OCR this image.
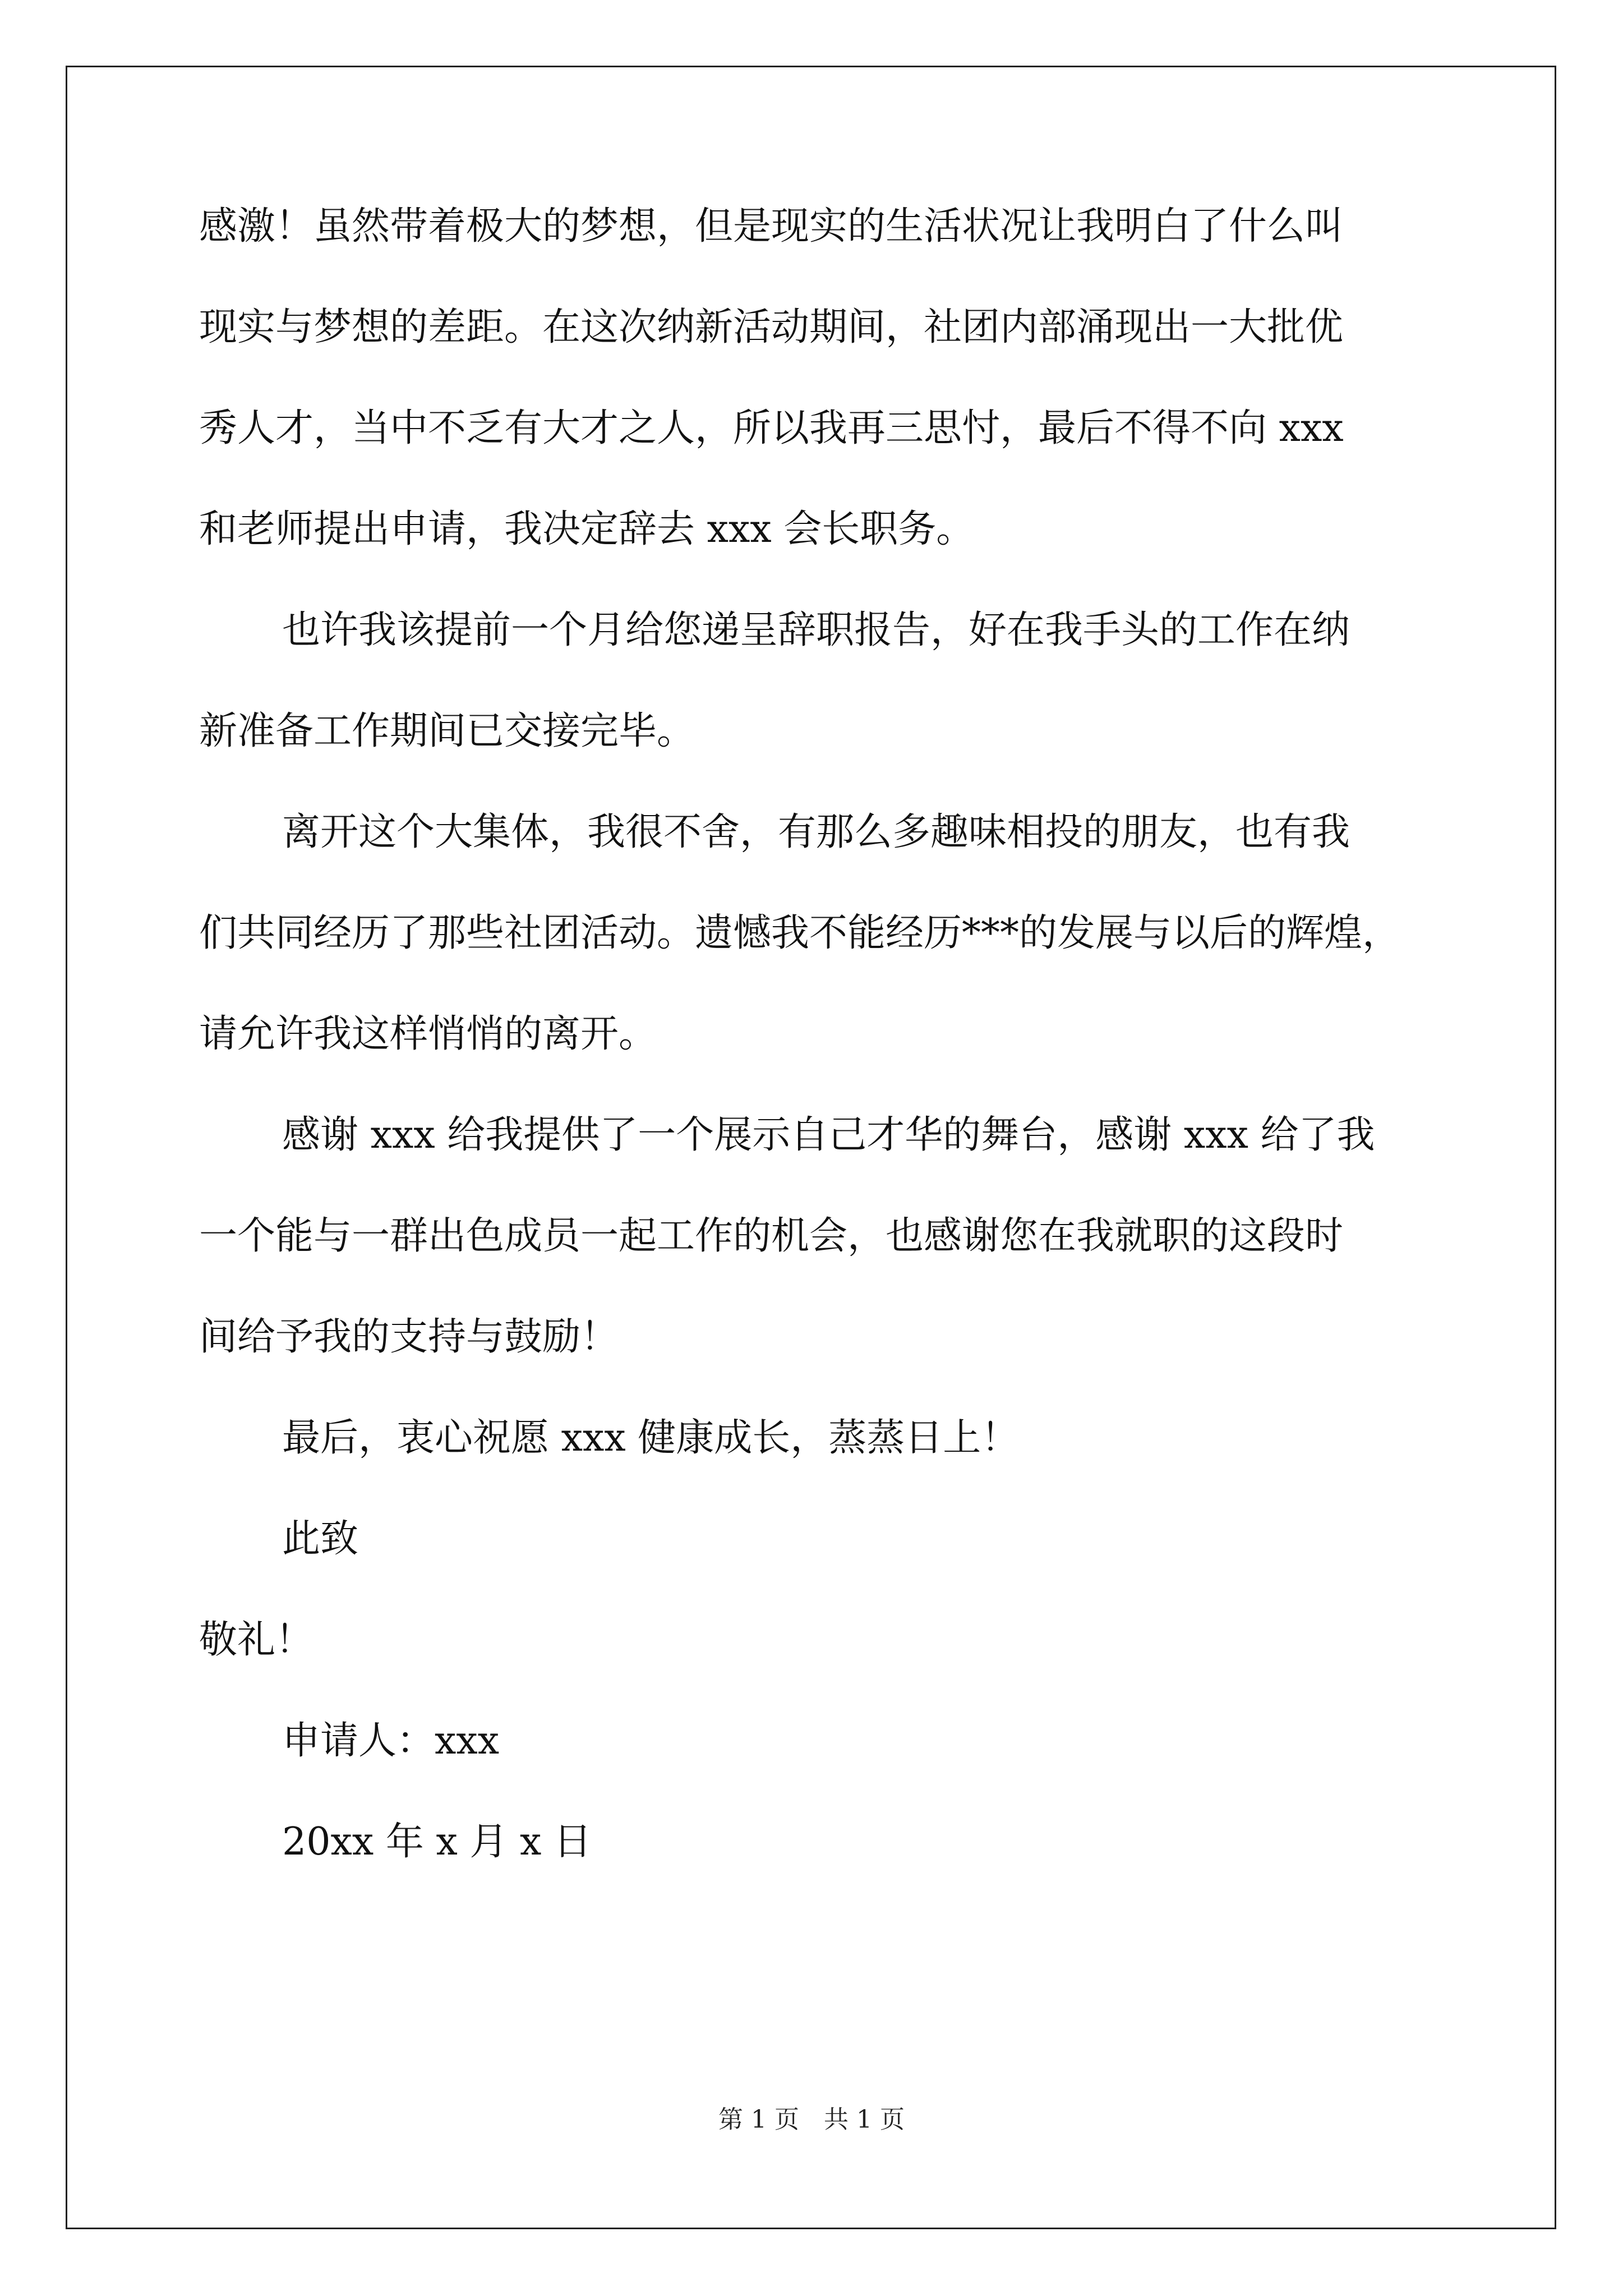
感激！虽然带着极大的梦想，但是现实的生活状况让我明白了什么叫
现实与梦想的差距。在这次纳新活动期间，社团内部涌现出一大批优
秀人才，当中不乏有大才之人，所以我再三思忖，最后不得不向 xxx
和老师提出申请，我决定辞去 xxx 会长职务。
也许我该提前一个月给您递呈辞职报告，好在我手头的工作在纳
新准备工作期间已交接完毕。
离开这个大集体，我很不舍，有那么多趣味相投的朋友，也有我
们共同经历了那些社团活动。遗憾我不能经历***的发展与以后的辉煌，
请允许我这样悄悄的离开。
感谢 xxx 给我提供了一个展示自己才华的舞台，感谢 xxx 给了我
一个能与一群出色成员一起工作的机会，也感谢您在我就职的这段时
间给予我的支持与鼓励！
最后，衷心祝愿 xxx 健康成长，蒸蒸日上！
此致
敬礼！
申请人：xxx
20xx 年 x 月 x 日
第 1 页　共 1 页
